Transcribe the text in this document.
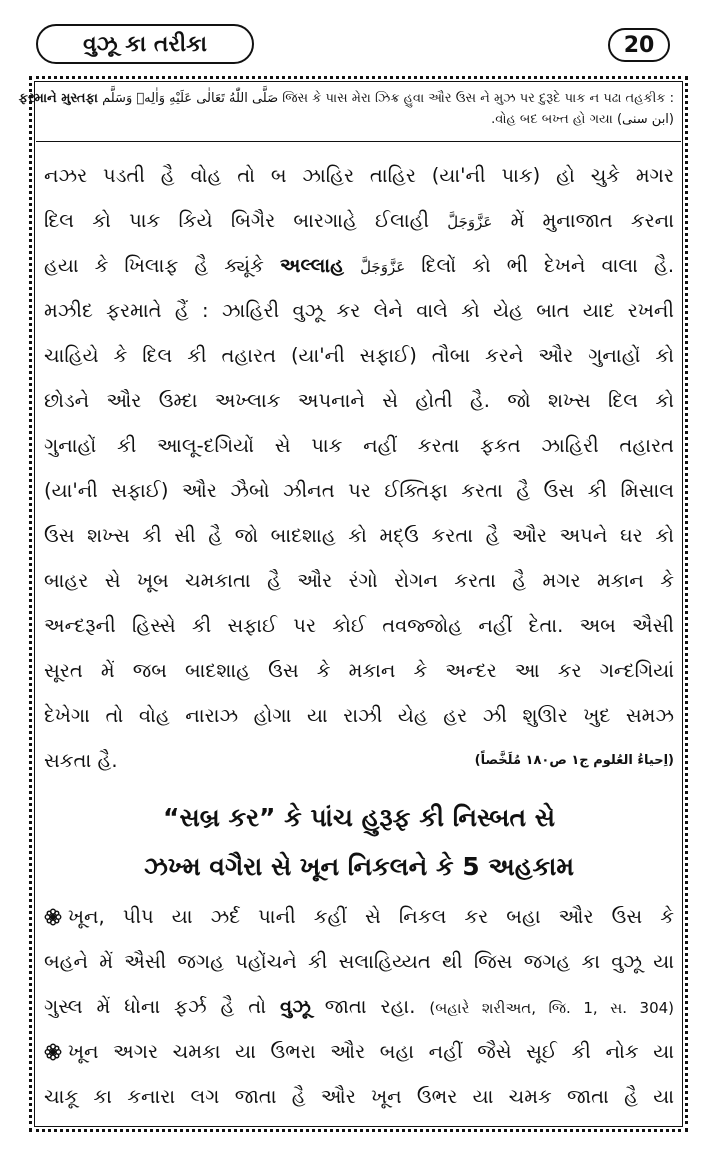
વુઝૂ કા તરીકા	20
: જિસ કે પાસ મેરા ઝિક્ર હુવા ઔર ઉસ ને મુઝ પર દુરૂદે પાક ન પઢા તહકીક صَلَّى اللّٰهُ تَعَالٰى عَلَيْهِ وَاٰلِهٖ وَسَلَّم ફરમાને મુસ્તફા
(ابن سنی) વોહ બદ બખ્ત હો ગયા.
નઝર પડતી હૈ વોહ તો બ ઝાહિર તાહિર (યા'ની પાક) હો ચુકે મગર
દિલ કો પાક કિયે બિગૈર બારગાહે ઈલાહી عَزَّوَجَلَّ મેં મુનાજાત કરના
હયા કે ખિલાફ હૈ ક્યૂંકે અલ્લાહ عَزَّوَجَلَّ દિલોં કો ભી દેખને વાલા હૈ.
મઝીદ ફરમાતે હૈં : ઝાહિરી વુઝૂ કર લેને વાલે કો યેહ બાત યાદ રખની
ચાહિયે કે દિલ કી તહારત (યા'ની સફાઈ) તૌબા કરને ઔર ગુનાહોં કો
છોડને ઔર ઉમ્દા અખ્લાક અપનાને સે હોતી હૈ. જો શખ્સ દિલ કો
ગુનાહોં કી આલૂ-દગિયોં સે પાક નહીં કરતા ફકત ઝાહિરી તહારત
(યા'ની સફાઈ) ઔર ઝૈબો ઝીનત પર ઈક્તિફા કરતા હૈ ઉસ કી મિસાલ
ઉસ શખ્સ કી સી હૈ જો બાદશાહ કો મદ્ઉ કરતા હૈ ઔર અપને ઘર કો
બાહર સે ખૂબ ચમકાતા હૈ ઔર રંગો રોગન કરતા હૈ મગર મકાન કે
અન્દરૂની હિસ્સે કી સફાઈ પર કોઈ તવજ્જોહ નહીં દેતા. અબ ઐસી
સૂરત મેં જબ બાદશાહ ઉસ કે મકાન કે અન્દર આ કર ગન્દગિયાં
દેખેગા તો વોહ નારાઝ હોગા યા રાઝી યેહ હર ઝી શુઊર ખુદ સમઝ
સકતા હૈ.	(اِحیاءُ العُلوم ج۱ ص۱۸۰ مُلَخَّصاً)
“સબ્ર કર” કે પાંચ હુરૂફ કી નિસ્બત સે
ઝખ્મ વગૈરા સે ખૂન નિકલને કે 5 અહકામ
ખૂન, પીપ યા ઝર્દ પાની કહીં સે નિકલ કર બહા ઔર ઉસ કે
બહને મેં ઐસી જગહ પહોંચને કી સલાહિય્યત થી જિસ જગહ કા વુઝૂ યા
ગુસ્લ મેં ધોના ફર્ઝ હૈ તો વુઝૂ જાતા રહા. (બહારે શરીઅત, જિ. 1, સ. 304)
ખૂન અગર ચમકા યા ઉભરા ઔર બહા નહીં જૈસે સૂઈ કી નોક યા
ચાકૂ કા કનારા લગ જાતા હૈ ઔર ખૂન ઉભર યા ચમક જાતા હૈ યા
